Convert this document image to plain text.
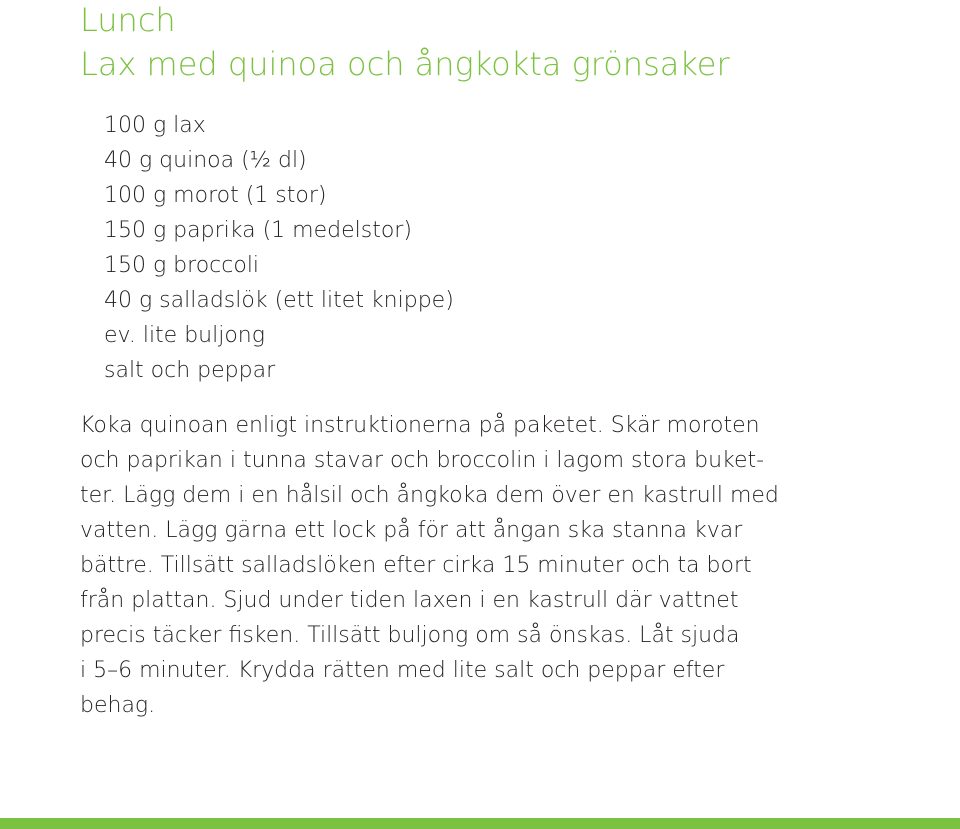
Lunch
Lax med quinoa och ångkokta grönsaker
100 g lax
40 g quinoa (½ dl)
100 g morot (1 stor)
150 g paprika (1 medelstor)
150 g broccoli
40 g salladslök (ett litet knippe)
ev. lite buljong
salt och peppar
Koka quinoan enligt instruktionerna på paketet. Skär moroten
och paprikan i tunna stavar och broccolin i lagom stora buket-
ter. Lägg dem i en hålsil och ångkoka dem över en kastrull med
vatten. Lägg gärna ett lock på för att ångan ska stanna kvar
bättre. Tillsätt salladslöken efter cirka 15 minuter och ta bort
från plattan. Sjud under tiden laxen i en kastrull där vattnet
precis täcker fisken. Tillsätt buljong om så önskas. Låt sjuda
i 5–6 minuter. Krydda rätten med lite salt och peppar efter
behag.
